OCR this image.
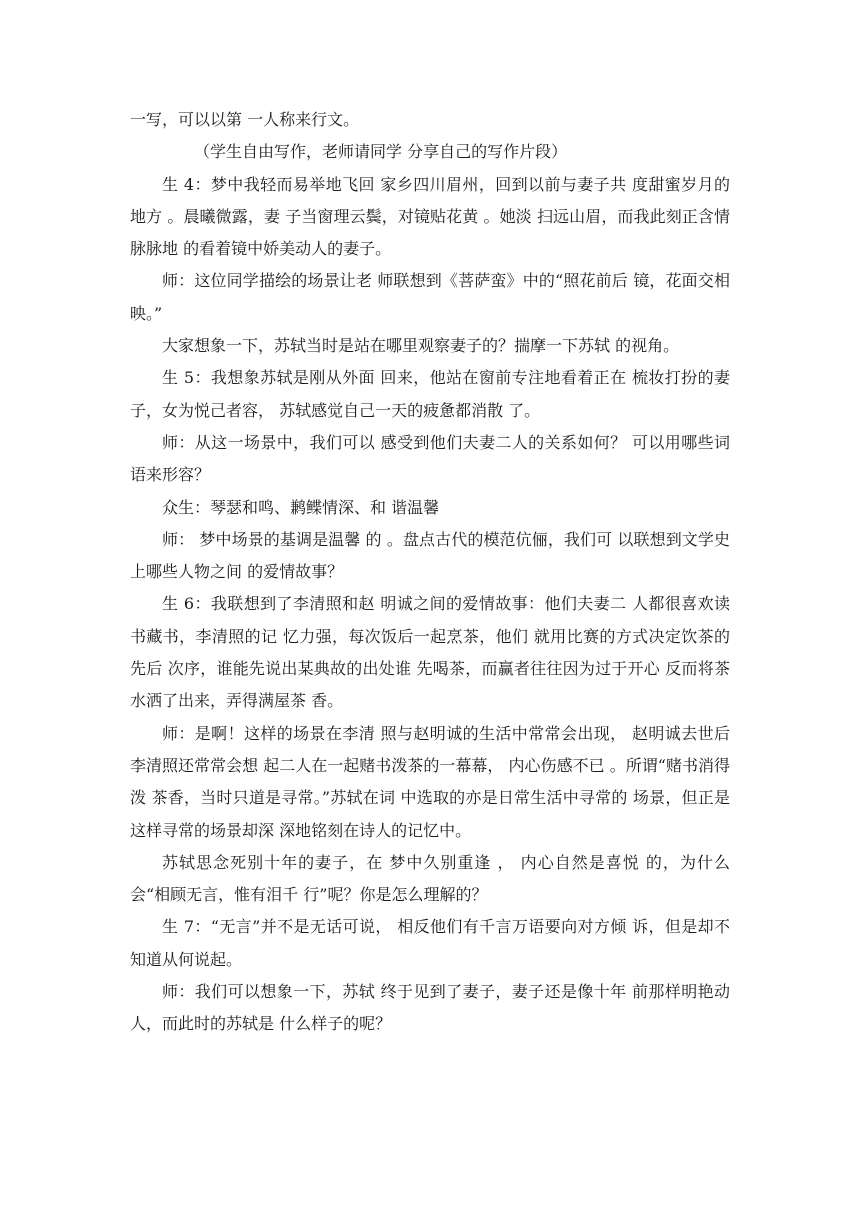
一写，可以以第 一人称来行文。

（学生自由写作，老师请同学 分享自己的写作片段）

生 4：梦中我轻而易举地飞回 家乡四川眉州，回到以前与妻子共 度甜蜜岁月的地方 。晨曦微露，妻 子当窗理云鬓，对镜贴花黄 。她淡 扫远山眉，而我此刻正含情脉脉地 的看着镜中娇美动人的妻子。

师：这位同学描绘的场景让老 师联想到《菩萨蛮》中的“照花前后 镜，花面交相映。”

大家想象一下，苏轼当时是站在哪里观察妻子的？揣摩一下苏轼 的视角。

生 5：我想象苏轼是刚从外面 回来，他站在窗前专注地看着正在 梳妆打扮的妻子，女为悦己者容， 苏轼感觉自己一天的疲惫都消散 了。

师：从这一场景中，我们可以 感受到他们夫妻二人的关系如何？ 可以用哪些词语来形容？

众生：琴瑟和鸣、鹣鲽情深、和 谐温馨

师： 梦中场景的基调是温馨 的 。盘点古代的模范伉俪，我们可 以联想到文学史上哪些人物之间 的爱情故事？

生 6：我联想到了李清照和赵 明诚之间的爱情故事：他们夫妻二 人都很喜欢读书藏书，李清照的记 忆力强，每次饭后一起烹茶，他们 就用比赛的方式决定饮茶的先后 次序，谁能先说出某典故的出处谁 先喝茶，而赢者往往因为过于开心 反而将茶水洒了出来，弄得满屋茶 香。

师：是啊！这样的场景在李清 照与赵明诚的生活中常常会出现， 赵明诚去世后李清照还常常会想 起二人在一起赌书泼茶的一幕幕， 内心伤感不已 。所谓“赌书消得泼 茶香，当时只道是寻常。”苏轼在词 中选取的亦是日常生活中寻常的 场景，但正是这样寻常的场景却深 深地铭刻在诗人的记忆中。

苏轼思念死别十年的妻子，在 梦中久别重逢 ， 内心自然是喜悦 的，为什么会“相顾无言，惟有泪千 行”呢？你是怎么理解的？

生 7：“无言”并不是无话可说， 相反他们有千言万语要向对方倾 诉，但是却不知道从何说起。

师：我们可以想象一下，苏轼 终于见到了妻子，妻子还是像十年 前那样明艳动人，而此时的苏轼是 什么样子的呢？
